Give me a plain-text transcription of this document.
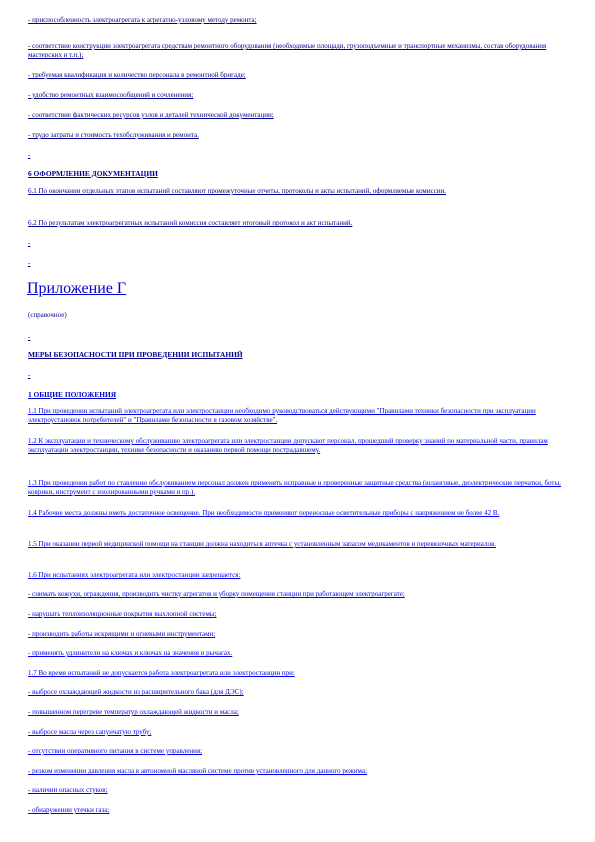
- приспособленность электроагрегата к агрегатно-узловому методу ремонта;
- соответствие конструкции электроагрегата средствам ремонтного оборудования (необходимые площади, грузоподъемные и транспортные механизмы, состав оборудования мастерских и т.п.);
- требуемая квалификация и количество персонала в ремонтной бригаде;
- удобство ремонтных взаимосообщений и сочленения;
- соответствие фактических ресурсов узлов и деталей технической документации;
- трудо затраты и стоимость техобслуживания и ремонта.
-
6 ОФОРМЛЕНИЕ ДОКУМЕНТАЦИИ
6.1 По окончании отдельных этапов испытаний составляют промежуточные отчеты, протоколы и акты испытаний, оформляемые комиссии.
6.2 По результатам электроагрегатных испытаний комиссия составляет итоговый протокол и акт испытаний.
-
-
Приложение Г
(справочное)
-
МЕРЫ БЕЗОПАСНОСТИ ПРИ ПРОВЕДЕНИИ ИСПЫТАНИЙ
-
1 ОБЩИЕ ПОЛОЖЕНИЯ
1.1 При проведении испытаний электроагрегата или электростанции необходимо руководствоваться действующими "Правилами техники безопасности при эксплуатации электроустановок потребителей" и "Правилами безопасности в газовом хозяйстве".
1.2 К эксплуатации и техническому обслуживанию электроагрегата или электростанции допускают персонал, прошедший проверку знаний по материальной части, правилам эксплуатации электростанции, технике безопасности и оказанию первой помощи пострадавшему.
1.3 При проведении работ по ставлении обслуживанием персонал должен применять исправные и проверенные защитные средства (шланговые, диэлектрические перчатки, боты, коврики, инструмент с изолированными ручками и пр.).
1.4 Рабочие места должны иметь достаточное освещение. При необходимости применяют переносные осветительные приборы с напряжением не более 42 В.
1.5 При оказании первой медицинской помощи на станции должна находиться аптечка с установленным запасом медикаментов и перевязочных материалов.
1.6 При испытаниях электроагрегата или электростанции запрещается:
- снимать кожухи, ограждения, производить чистку агрегатов и уборку помещения станции при работающем электроагрегате;
- нарушать теплоизоляционные покрытия выхлопной системы;
- производить работы искрящими и огневыми инструментами;
- применять удлинители на ключах и ключах на значения и рычагах.
1.7 Во время испытаний не допускается работа электроагрегата или электростанции при:
- выбросе охлаждающей жидкости из расширительного бака (для ДЭС);
- повышенном перегреве температур охлаждающей жидкости и масла;
- выбросе масла через сапунчатую трубу;
- отсутствии оперативного питания в системе управления;
- резком изменении давления масла в автономной масляной системе против установленного для данного режима;
- наличии опасных стуков;
- обнаружении утечки газа;
